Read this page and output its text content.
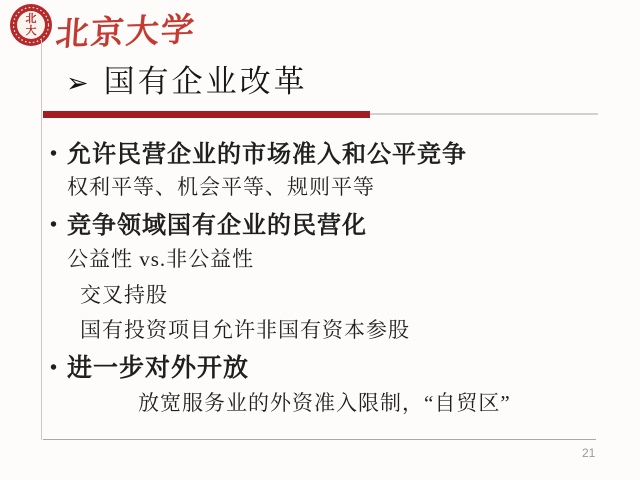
北
大 北京大学
➢ 国有企业改革
• 允许民营企业的市场准入和公平竞争
权利平等、机会平等、规则平等
• 竞争领域国有企业的民营化
公益性 vs.非公益性
交叉持股
国有投资项目允许非国有资本参股
• 进一步对外开放
放宽服务业的外资准入限制，“自贸区”
21
